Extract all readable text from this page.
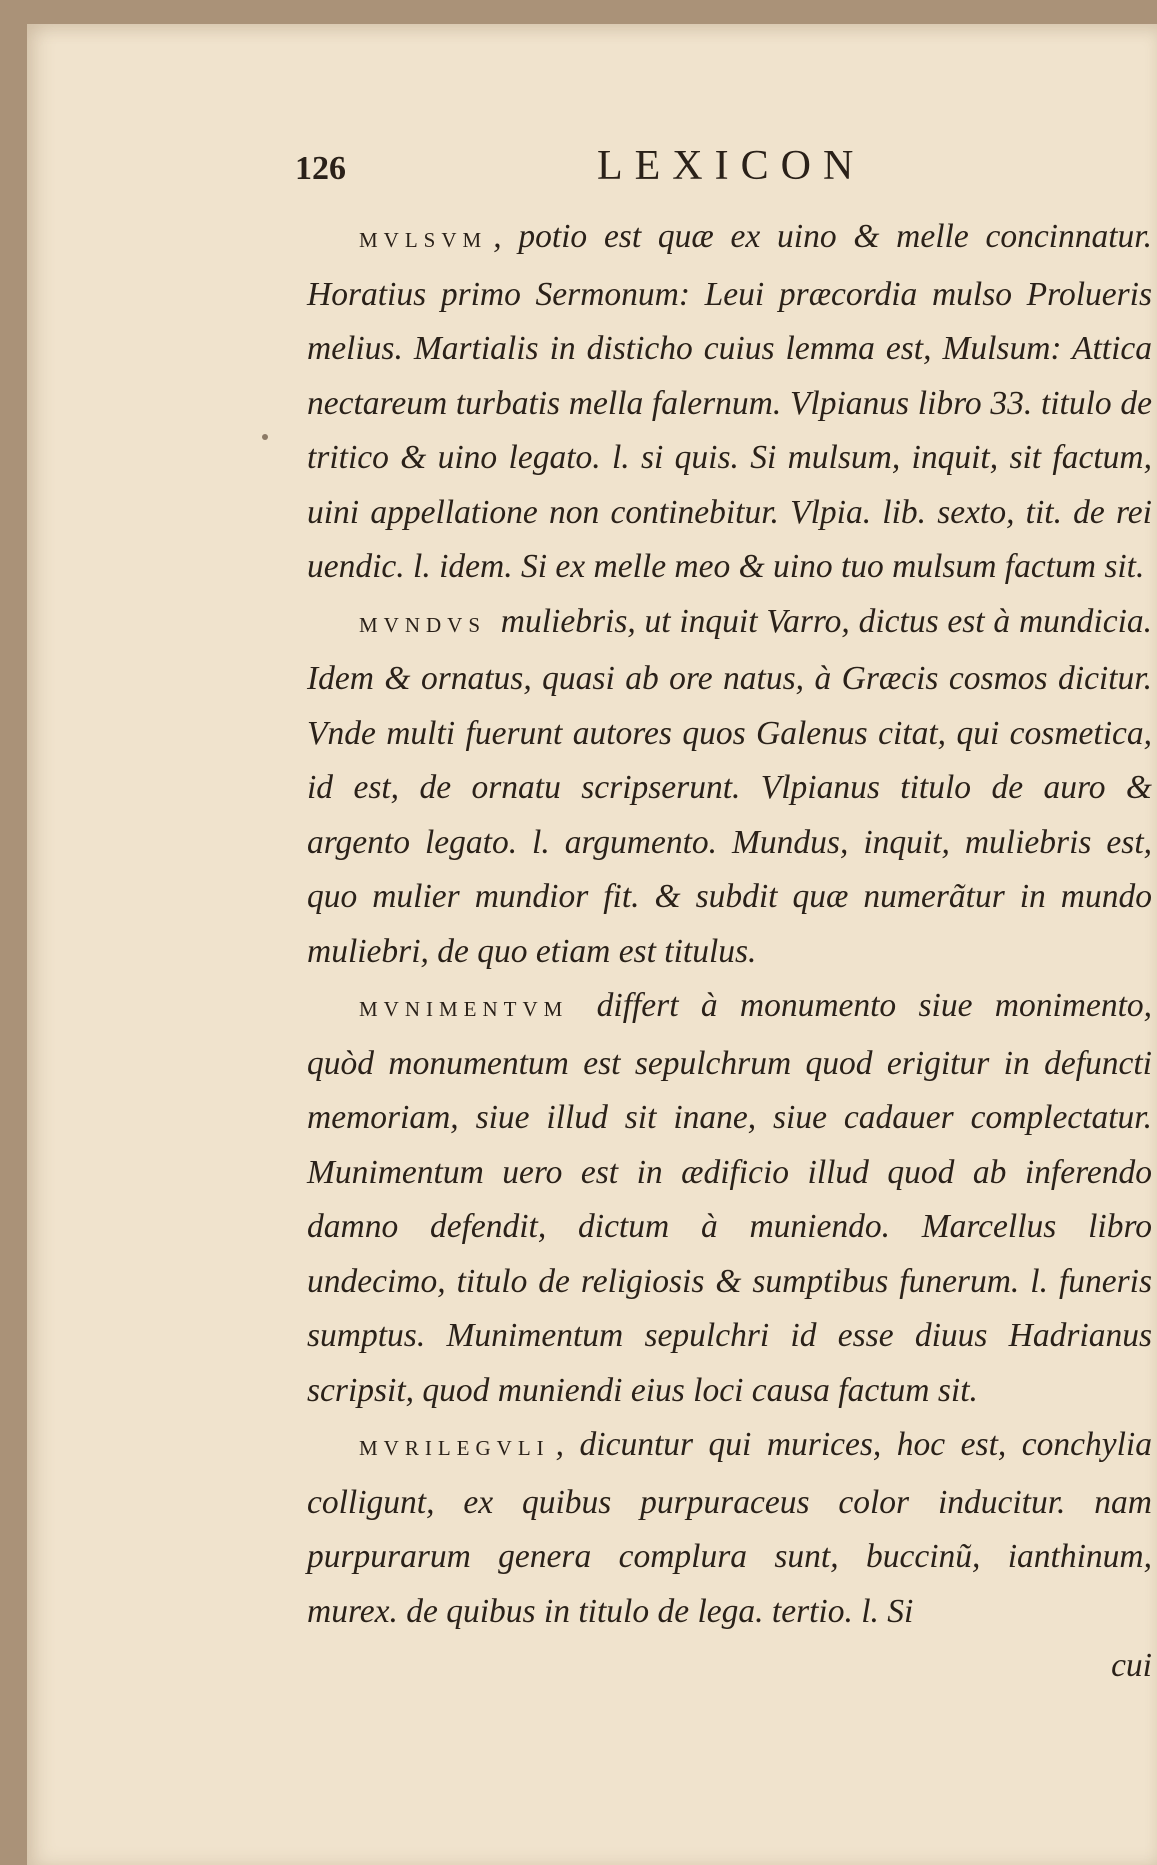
126	LEXICON

MVLSVM , potio est quæ ex uino & melle concinnatur. Horatius primo Sermonum: Leui præcordia mulso Prolueris melius. Martialis in disticho cuius lemma est, Mulsum: Attica nectareum turbatis mella falernum. Vlpianus libro 33. titulo de tritico & uino legato. l. si quis. Si mulsum, inquit, sit factum, uini appellatione non continebitur. Vlpia. lib. sexto, tit. de rei uendic. l. idem. Si ex melle meo & uino tuo mulsum factum sit.

MVNDVS muliebris, ut inquit Varro, dictus est à mundicia. Idem & ornatus, quasi ab ore natus, à Græcis cosmos dicitur. Vnde multi fuerunt autores quos Galenus citat, qui cosmetica, id est, de ornatu scripserunt. Vlpianus titulo de auro & argento legato. l. argumento. Mundus, inquit, muliebris est, quo mulier mundior fit. & subdit quæ numerãtur in mundo muliebri, de quo etiam est titulus.

MVNIMENTVM differt à monumento siue monimento, quòd monumentum est sepulchrum quod erigitur in defuncti memoriam, siue illud sit inane, siue cadauer complectatur. Munimentum uero est in ædificio illud quod ab inferendo damno defendit, dictum à muniendo. Marcellus libro undecimo, titulo de religiosis & sumptibus funerum. l. funeris sumptus. Munimentum sepulchri id esse diuus Hadrianus scripsit, quod muniendi eius loci causa factum sit.

MVRILEGVLI , dicuntur qui murices, hoc est, conchylia colligunt, ex quibus purpuraceus color inducitur. nam purpurarum genera complura sunt, buccinũ, ianthinum, murex. de quibus in titulo de lega. tertio. l. Si

cui
